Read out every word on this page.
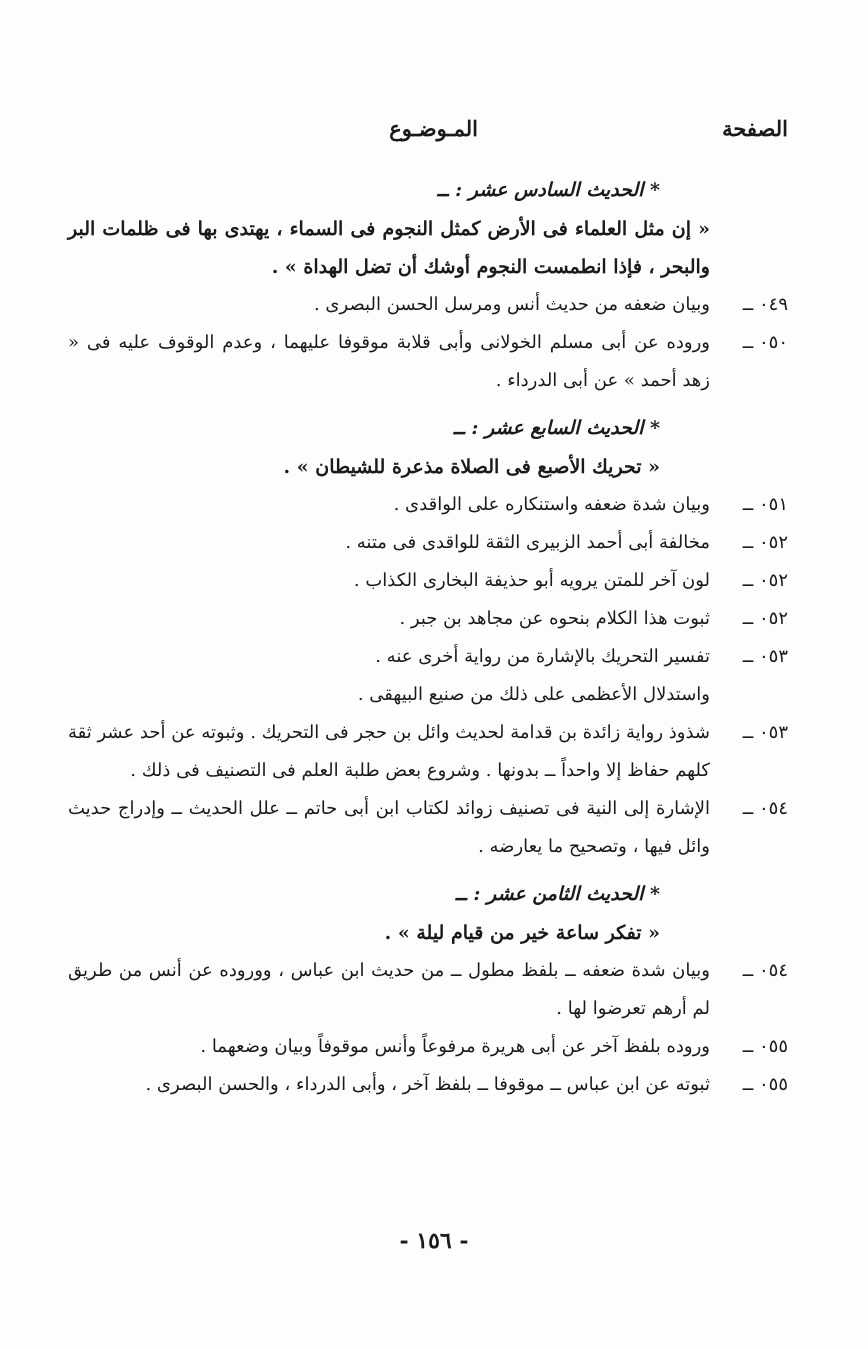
الصفحة
المـوضـوع
* الحديث السادس عشر : ــ
« إن مثل العلماء فى الأرض كمثل النجوم فى السماء ، يهتدى بها فى ظلمات البر والبحر ، فإذا انطمست النجوم أوشك أن تضل الهداة » .
٠٤٩ ــ
وبيان ضعفه من حديث أنس ومرسل الحسن البصرى .
٠٥٠ ــ
وروده عن أبى مسلم الخولانى وأبى قلابة موقوفا عليهما ، وعدم الوقوف عليه فى « زهد أحمد » عن أبى الدرداء .
* الحديث السابع عشر : ــ
« تحريك الأصبع فى الصلاة مذعرة للشيطان » .
٠٥١ ــ
وبيان شدة ضعفه واستنكاره على الواقدى .
٠٥٢ ــ
مخالفة أبى أحمد الزبيرى الثقة للواقدى فى متنه .
٠٥٢ ــ
لون آخر للمتن يرويه أبو حذيفة البخارى الكذاب .
٠٥٢ ــ
ثبوت هذا الكلام بنحوه عن مجاهد بن جبر .
٠٥٣ ــ
تفسير التحريك بالإشارة من رواية أخرى عنه .
واستدلال الأعظمى على ذلك من صنيع البيهقى .
٠٥٣ ــ
شذوذ رواية زائدة بن قدامة لحديث وائل بن حجر فى التحريك . وثبوته عن أحد عشر ثقة كلهم حفاظ إلا واحداً ــ بدونها . وشروع بعض طلبة العلم فى التصنيف فى ذلك .
٠٥٤ ــ
الإشارة إلى النية فى تصنيف زوائد لكتاب ابن أبى حاتم ــ علل الحديث ــ وإدراج حديث وائل فيها ، وتصحيح ما يعارضه .
* الحديث الثامن عشر : ــ
« تفكر ساعة خير من قيام ليلة » .
٠٥٤ ــ
وبيان شدة ضعفه ــ بلفظ مطول ــ من حديث ابن عباس ، ووروده عن أنس من طريق لم أرهم تعرضوا لها .
٠٥٥ ــ
وروده بلفظ آخر عن أبى هريرة مرفوعاً وأنس موقوفاً وبيان وضعهما .
٠٥٥ ــ
ثبوته عن ابن عباس ــ موقوفا ــ بلفظ آخر ، وأبى الدرداء ، والحسن البصرى .
- ١٥٦ -
